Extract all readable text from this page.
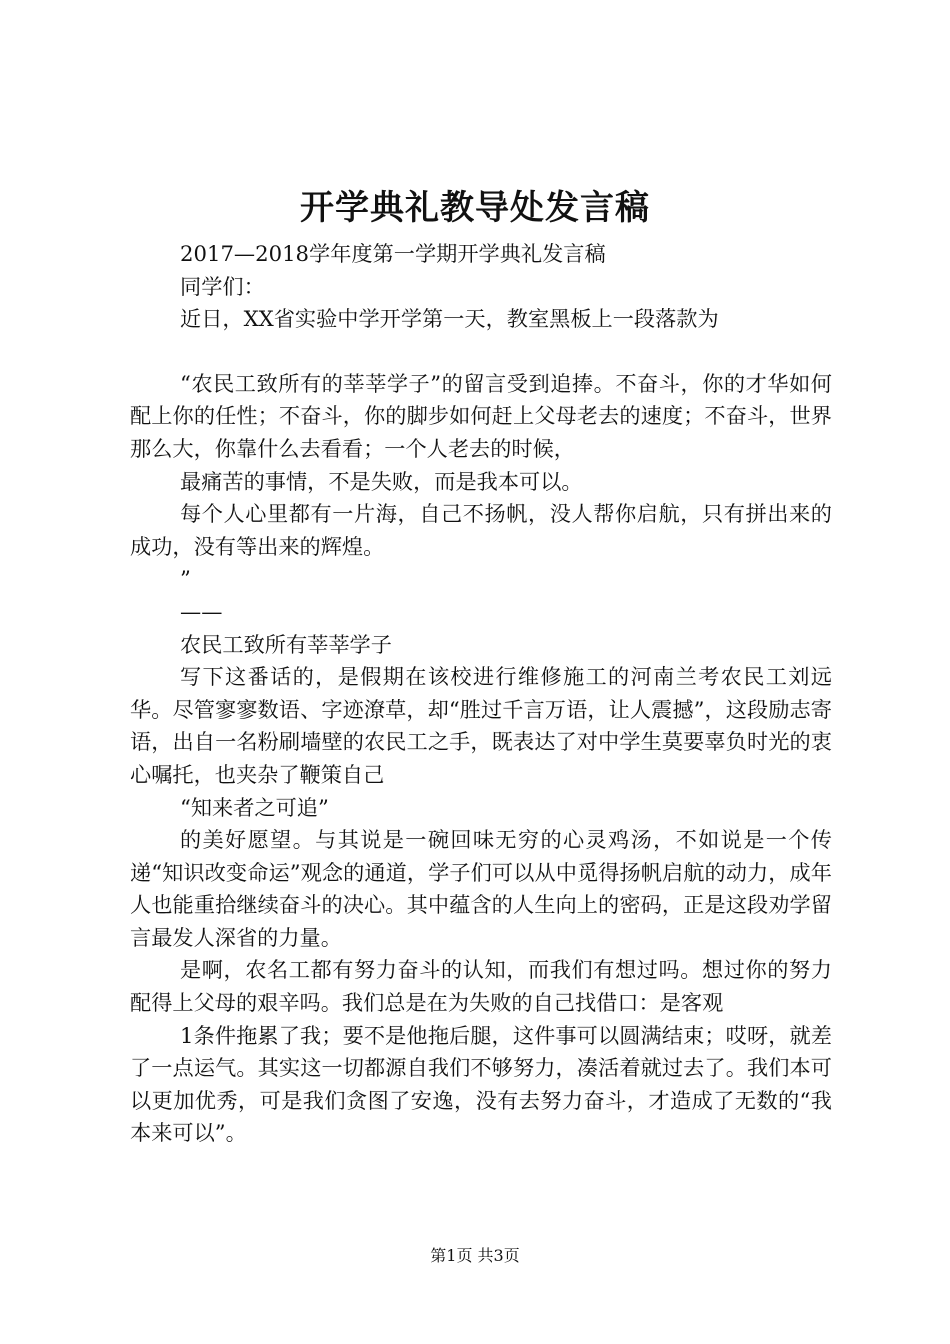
开学典礼教导处发言稿

2017—2018学年度第一学期开学典礼发言稿

同学们：

近日，XX省实验中学开学第一天，教室黑板上一段落款为

“农民工致所有的莘莘学子”的留言受到追捧。不奋斗，你的才华如何配上你的任性；不奋斗，你的脚步如何赶上父母老去的速度；不奋斗，世界那么大，你靠什么去看看；一个人老去的时候，

最痛苦的事情，不是失败，而是我本可以。

每个人心里都有一片海，自己不扬帆，没人帮你启航，只有拼出来的成功，没有等出来的辉煌。

”

——

农民工致所有莘莘学子

写下这番话的，是假期在该校进行维修施工的河南兰考农民工刘远华。尽管寥寥数语、字迹潦草，却“胜过千言万语，让人震撼”，这段励志寄语，出自一名粉刷墙壁的农民工之手，既表达了对中学生莫要辜负时光的衷心嘱托，也夹杂了鞭策自己

“知来者之可追”

的美好愿望。与其说是一碗回味无穷的心灵鸡汤，不如说是一个传递“知识改变命运”观念的通道，学子们可以从中觅得扬帆启航的动力，成年人也能重拾继续奋斗的决心。其中蕴含的人生向上的密码，正是这段劝学留言最发人深省的力量。

是啊，农名工都有努力奋斗的认知，而我们有想过吗。想过你的努力配得上父母的艰辛吗。我们总是在为失败的自己找借口：是客观

1条件拖累了我；要不是他拖后腿，这件事可以圆满结束；哎呀，就差了一点运气。其实这一切都源自我们不够努力，凑活着就过去了。我们本可以更加优秀，可是我们贪图了安逸，没有去努力奋斗，才造成了无数的“我本来可以”。

第1页 共3页
